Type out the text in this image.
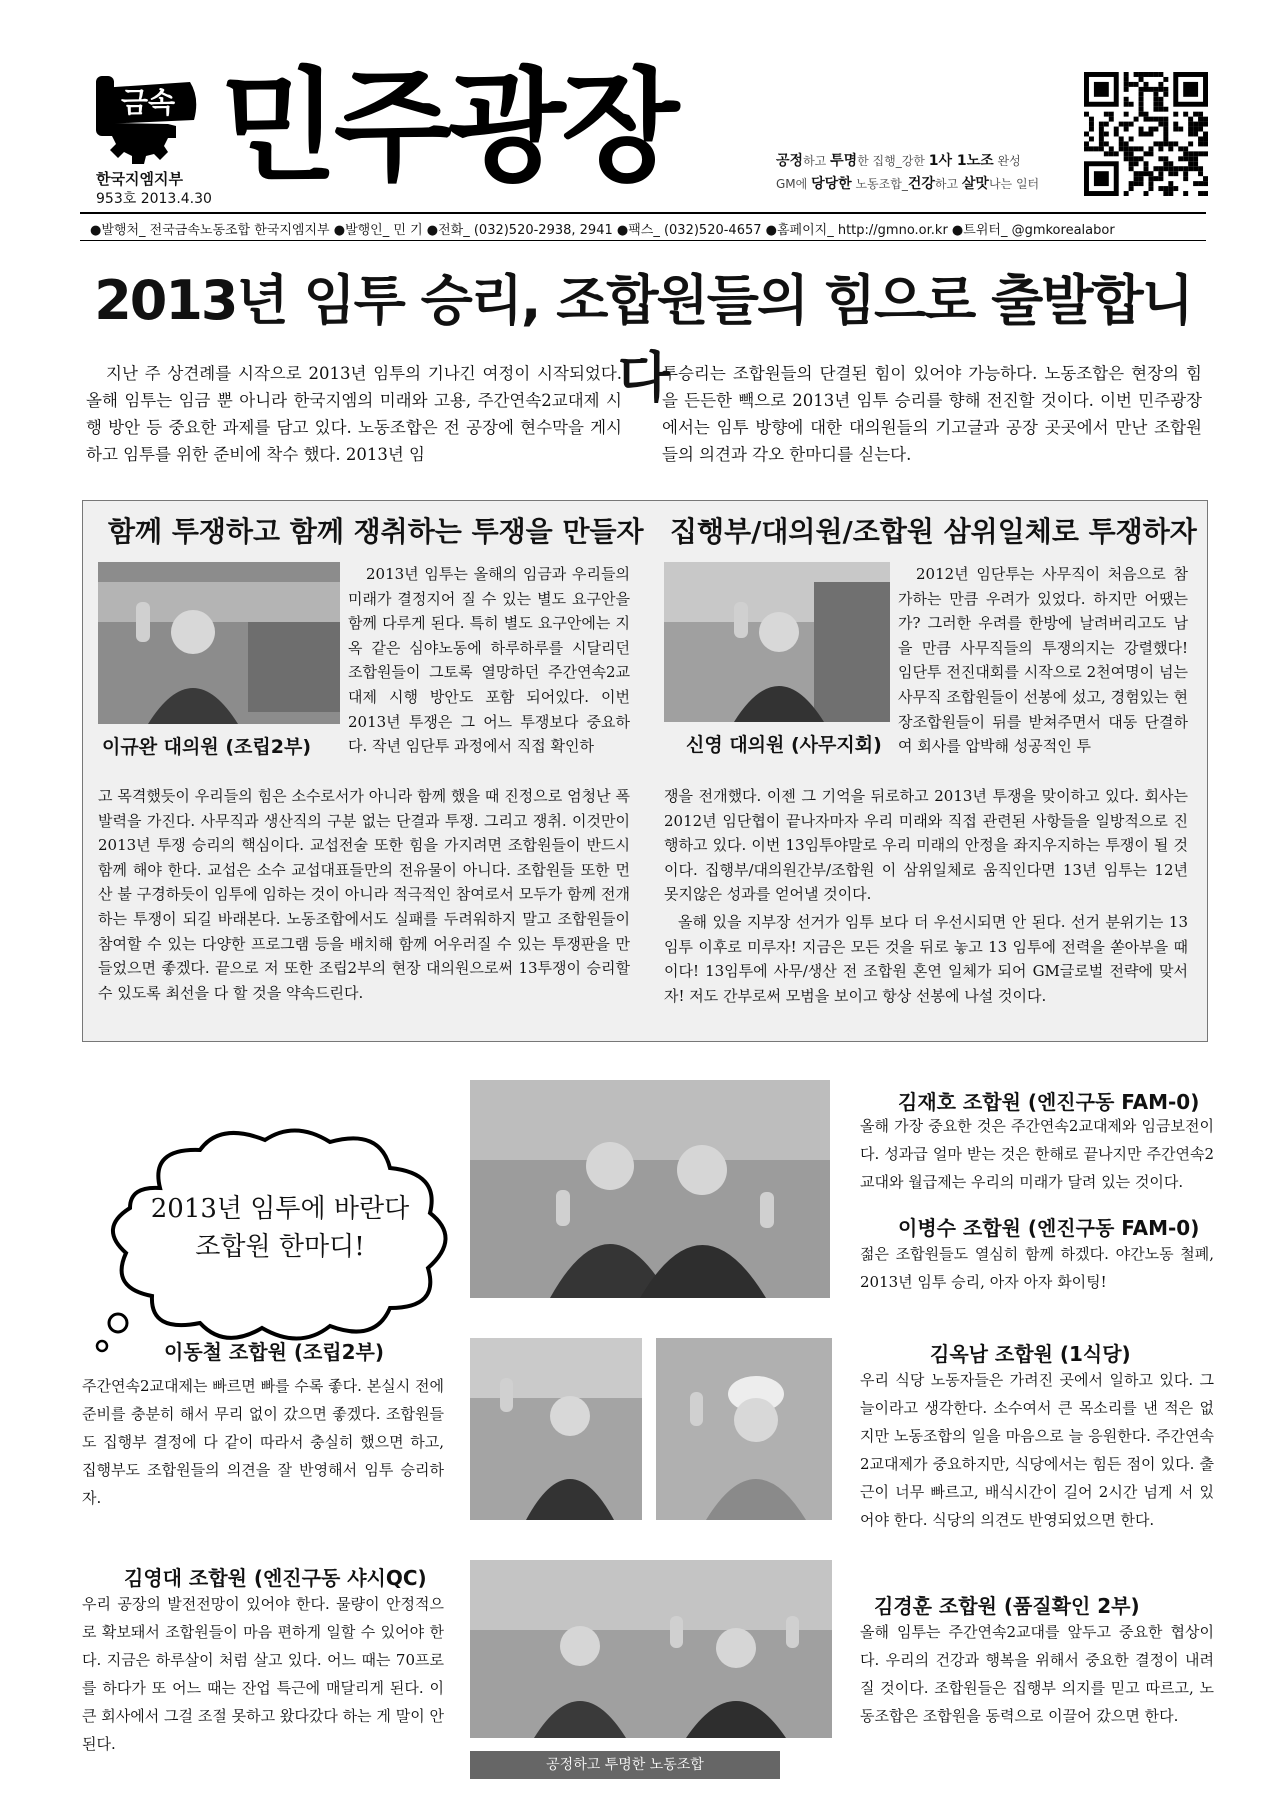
금속
한국지엠지부
953호 2013.4.30
민주광장	공정하고 투명한 집행_강한 1사 1노조 완성
GM에 당당한 노동조합_건강하고 살맛나는 일터
●발행처_ 전국금속노동조합 한국지엠지부 ●발행인_ 민 기 ●전화_ (032)520-2938, 2941 ●팩스_ (032)520-4657 ●홈페이지_ http://gmno.or.kr ●트위터_ @gmkorealabor
2013년 임투 승리, 조합원들의 힘으로 출발합니다
지난 주 상견례를 시작으로 2013년 임투의 기나긴 여정이 시작되었다. 올해 임투는 임금 뿐 아니라 한국지엠의 미래와 고용, 주간연속2교대제 시행 방안 등 중요한 과제를 담고 있다. 노동조합은 전 공장에 현수막을 게시하고 임투를 위한 준비에 착수 했다. 2013년 임
투승리는 조합원들의 단결된 힘이 있어야 가능하다. 노동조합은 현장의 힘을 든든한 빽으로 2013년 임투 승리를 향해 전진할 것이다. 이번 민주광장에서는 임투 방향에 대한 대의원들의 기고글과 공장 곳곳에서 만난 조합원들의 의견과 각오 한마디를 싣는다.
함께 투쟁하고 함께 쟁취하는 투쟁을 만들자
이규완 대의원 (조립2부)
2013년 임투는 올해의 임금과 우리들의 미래가 결정지어 질 수 있는 별도 요구안을 함께 다루게 된다. 특히 별도 요구안에는 지옥 같은 심야노동에 하루하루를 시달리던 조합원들이 그토록 열망하던 주간연속2교대제 시행 방안도 포함 되어있다. 이번 2013년 투쟁은 그 어느 투쟁보다 중요하다. 작년 임단투 과정에서 직접 확인하
고 목격했듯이 우리들의 힘은 소수로서가 아니라 함께 했을 때 진정으로 엄청난 폭발력을 가진다. 사무직과 생산직의 구분 없는 단결과 투쟁. 그리고 쟁취. 이것만이 2013년 투쟁 승리의 핵심이다. 교섭전술 또한 힘을 가지려면 조합원들이 반드시 함께 해야 한다. 교섭은 소수 교섭대표들만의 전유물이 아니다. 조합원들 또한 먼 산 불 구경하듯이 임투에 임하는 것이 아니라 적극적인 참여로서 모두가 함께 전개하는 투쟁이 되길 바래본다. 노동조합에서도 실패를 두려워하지 말고 조합원들이 참여할 수 있는 다양한 프로그램 등을 배치해 함께 어우러질 수 있는 투쟁판을 만들었으면 좋겠다. 끝으로 저 또한 조립2부의 현장 대의원으로써 13투쟁이 승리할 수 있도록 최선을 다 할 것을 약속드린다.
집행부/대의원/조합원 삼위일체로 투쟁하자
신영 대의원 (사무지회)
2012년 임단투는 사무직이 처음으로 참가하는 만큼 우려가 있었다. 하지만 어땠는가? 그러한 우려를 한방에 날려버리고도 남을 만큼 사무직들의 투쟁의지는 강렬했다! 임단투 전진대회를 시작으로 2천여명이 넘는 사무직 조합원들이 선봉에 섰고, 경험있는 현장조합원들이 뒤를 받쳐주면서 대동 단결하여 회사를 압박해 성공적인 투
쟁을 전개했다. 이젠 그 기억을 뒤로하고 2013년 투쟁을 맞이하고 있다. 회사는 2012년 임단협이 끝나자마자 우리 미래와 직접 관련된 사항들을 일방적으로 진행하고 있다. 이번 13임투야말로 우리 미래의 안정을 좌지우지하는 투쟁이 될 것이다. 집행부/대의원간부/조합원 이 삼위일체로 움직인다면 13년 임투는 12년 못지않은 성과를 얻어낼 것이다.
올해 있을 지부장 선거가 임투 보다 더 우선시되면 안 된다. 선거 분위기는 13 임투 이후로 미루자! 지금은 모든 것을 뒤로 놓고 13 임투에 전력을 쏟아부을 때이다! 13임투에 사무/생산 전 조합원 혼연 일체가 되어 GM글로벌 전략에 맞서자! 저도 간부로써 모범을 보이고 항상 선봉에 나설 것이다.
2013년 임투에 바란다
조합원 한마디!
김재호 조합원 (엔진구동 FAM-0)
올해 가장 중요한 것은 주간연속2교대제와 임금보전이다. 성과급 얼마 받는 것은 한해로 끝나지만 주간연속2교대와 월급제는 우리의 미래가 달려 있는 것이다.
이병수 조합원 (엔진구동 FAM-0)
젊은 조합원들도 열심히 함께 하겠다. 야간노동 철폐, 2013년 임투 승리, 아자 아자 화이팅!
이동철 조합원 (조립2부)
주간연속2교대제는 빠르면 빠를 수록 좋다. 본실시 전에 준비를 충분히 해서 무리 없이 갔으면 좋겠다. 조합원들도 집행부 결정에 다 같이 따라서 충실히 했으면 하고, 집행부도 조합원들의 의견을 잘 반영해서 임투 승리하자.
김옥남 조합원 (1식당)
우리 식당 노동자들은 가려진 곳에서 일하고 있다. 그늘이라고 생각한다. 소수여서 큰 목소리를 낸 적은 없지만 노동조합의 일을 마음으로 늘 응원한다. 주간연속2교대제가 중요하지만, 식당에서는 힘든 점이 있다. 출근이 너무 빠르고, 배식시간이 길어 2시간 넘게 서 있어야 한다. 식당의 의견도 반영되었으면 한다.
김영대 조합원 (엔진구동 샤시QC)
우리 공장의 발전전망이 있어야 한다. 물량이 안정적으로 확보돼서 조합원들이 마음 편하게 일할 수 있어야 한다. 지금은 하루살이 처럼 살고 있다. 어느 때는 70프로를 하다가 또 어느 때는 잔업 특근에 매달리게 된다. 이 큰 회사에서 그걸 조절 못하고 왔다갔다 하는 게 말이 안 된다.
김경훈 조합원 (품질확인 2부)
올해 임투는 주간연속2교대를 앞두고 중요한 협상이다. 우리의 건강과 행복을 위해서 중요한 결정이 내려 질 것이다. 조합원들은 집행부 의지를 믿고 따르고, 노동조합은 조합원을 동력으로 이끌어 갔으면 한다.
공정하고 투명한 노동조합
